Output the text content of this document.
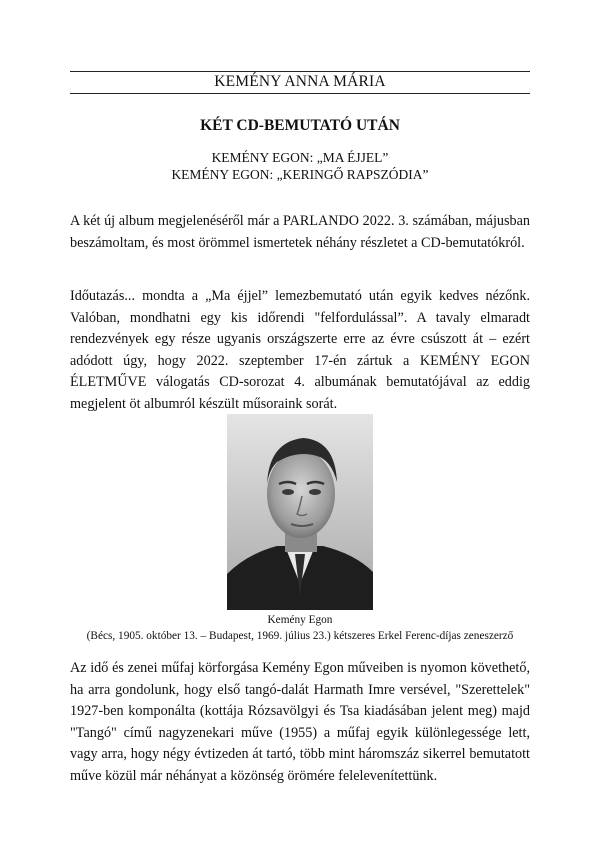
KEMÉNY ANNA MÁRIA
KÉT CD-BEMUTATÓ UTÁN
KEMÉNY EGON: „MA ÉJJEL”
KEMÉNY EGON: „KERINGŐ RAPSZÓDIA”

A két új album megjelenéséről már a PARLANDO 2022. 3. számában, májusban beszámoltam, és most örömmel ismertetek néhány részletet a CD-bemutatókról.

Időutazás... mondta a „Ma éjjel” lemezbemutató után egyik kedves nézőnk. Valóban, mondhatni egy kis időrendi "felfordulással”. A tavaly elmaradt rendezvények egy része ugyanis országszerte erre az évre csúszott át – ezért adódott úgy, hogy 2022. szeptember 17-én zártuk a KEMÉNY EGON ÉLETMŰVE válogatás CD-sorozat 4. albumának bemutatójával az eddig megjelent öt albumról készült műsoraink sorát.

Kemény Egon
(Bécs, 1905. október 13. – Budapest, 1969. július 23.) kétszeres Erkel Ferenc-díjas zeneszerző

Az idő és zenei műfaj körforgása Kemény Egon műveiben is nyomon követhető, ha arra gondolunk, hogy első tangó-dalát Harmath Imre versével, "Szerettelek" 1927-ben komponálta (kottája Rózsavölgyi és Tsa kiadásában jelent meg) majd "Tangó" című nagyzenekari műve (1955) a műfaj egyik különlegessége lett, vagy arra, hogy négy évtizeden át tartó, több mint háromszáz sikerrel bemutatott műve közül már néhányat a közönség örömére felelevenítettünk.
